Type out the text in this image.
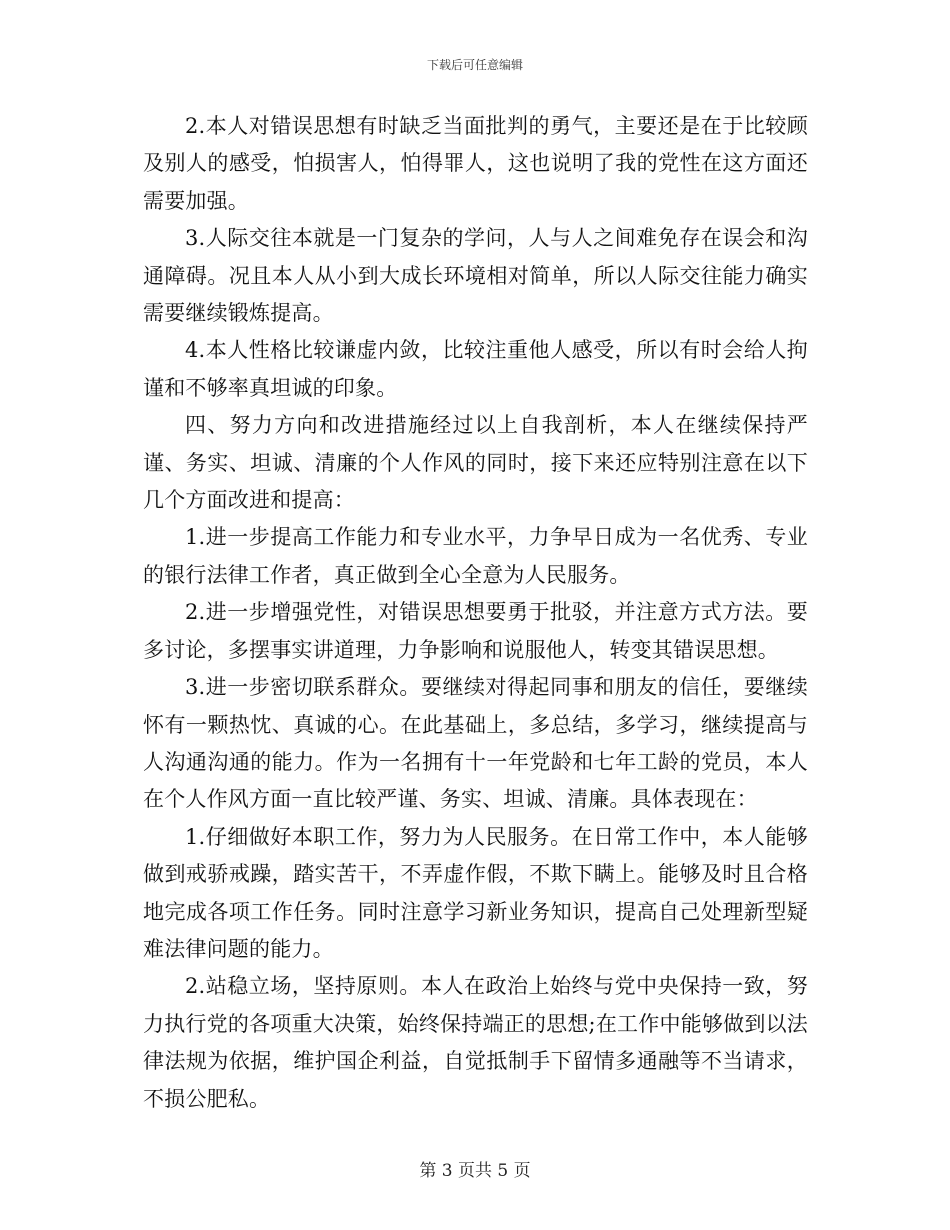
下载后可任意编辑

2.本人对错误思想有时缺乏当面批判的勇气，主要还是在于比较顾及别人的感受，怕损害人，怕得罪人，这也说明了我的党性在这方面还需要加强。

3.人际交往本就是一门复杂的学问，人与人之间难免存在误会和沟通障碍。况且本人从小到大成长环境相对简单，所以人际交往能力确实需要继续锻炼提高。

4.本人性格比较谦虚内敛，比较注重他人感受，所以有时会给人拘谨和不够率真坦诚的印象。

四、努力方向和改进措施经过以上自我剖析，本人在继续保持严谨、务实、坦诚、清廉的个人作风的同时，接下来还应特别注意在以下几个方面改进和提高：

1.进一步提高工作能力和专业水平，力争早日成为一名优秀、专业的银行法律工作者，真正做到全心全意为人民服务。

2.进一步增强党性，对错误思想要勇于批驳，并注意方式方法。要多讨论，多摆事实讲道理，力争影响和说服他人，转变其错误思想。

3.进一步密切联系群众。要继续对得起同事和朋友的信任，要继续怀有一颗热忱、真诚的心。在此基础上，多总结，多学习，继续提高与人沟通沟通的能力。作为一名拥有十一年党龄和七年工龄的党员，本人在个人作风方面一直比较严谨、务实、坦诚、清廉。具体表现在：

1.仔细做好本职工作，努力为人民服务。在日常工作中，本人能够做到戒骄戒躁，踏实苦干，不弄虚作假，不欺下瞒上。能够及时且合格地完成各项工作任务。同时注意学习新业务知识，提高自己处理新型疑难法律问题的能力。

2.站稳立场，坚持原则。本人在政治上始终与党中央保持一致，努力执行党的各项重大决策，始终保持端正的思想;在工作中能够做到以法律法规为依据，维护国企利益，自觉抵制手下留情多通融等不当请求，不损公肥私。

第 3 页共 5 页
